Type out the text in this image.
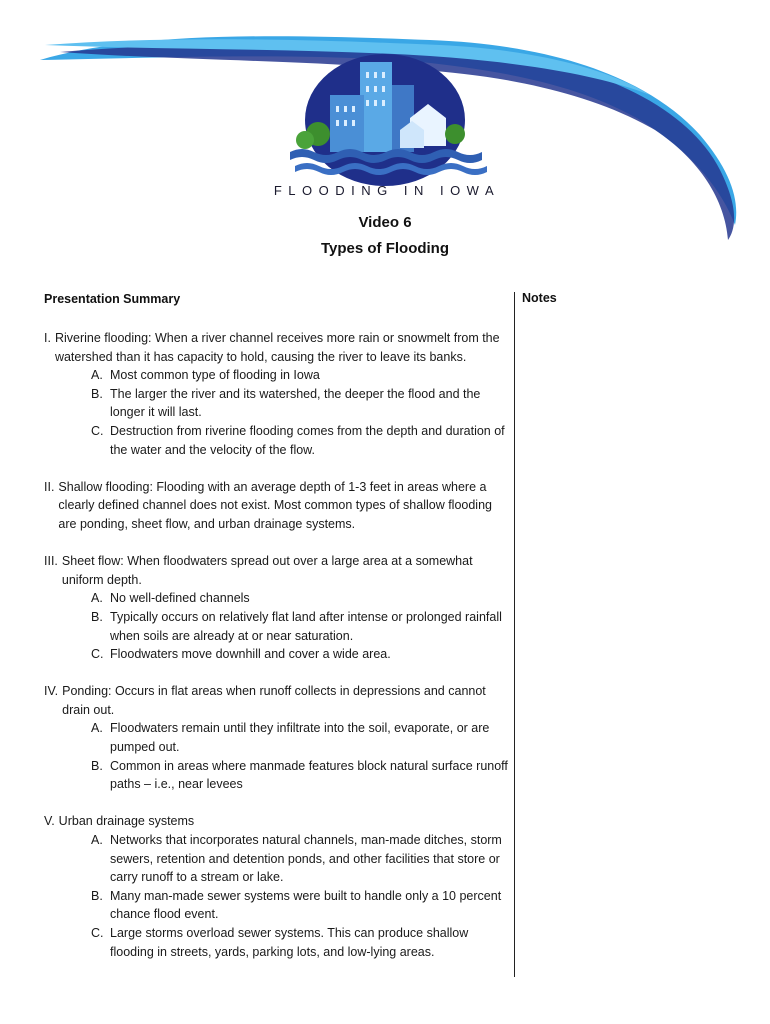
FLOODING IN IOWA
Video 6
Types of Flooding
Presentation Summary	Notes
I. Riverine flooding: When a river channel receives more rain or snowmelt from the watershed than it has capacity to hold, causing the river to leave its banks.
A. Most common type of flooding in Iowa
B. The larger the river and its watershed, the deeper the flood and the longer it will last.
C. Destruction from riverine flooding comes from the depth and duration of the water and the velocity of the flow.
II. Shallow flooding: Flooding with an average depth of 1-3 feet in areas where a clearly defined channel does not exist. Most common types of shallow flooding are ponding, sheet flow, and urban drainage systems.
III. Sheet flow: When floodwaters spread out over a large area at a somewhat uniform depth.
A. No well-defined channels
B. Typically occurs on relatively flat land after intense or prolonged rainfall when soils are already at or near saturation.
C. Floodwaters move downhill and cover a wide area.
IV. Ponding: Occurs in flat areas when runoff collects in depressions and cannot drain out.
A. Floodwaters remain until they infiltrate into the soil, evaporate, or are pumped out.
B. Common in areas where manmade features block natural surface runoff paths – i.e., near levees
V. Urban drainage systems
A. Networks that incorporates natural channels, man-made ditches, storm sewers, retention and detention ponds, and other facilities that store or carry runoff to a stream or lake.
B. Many man-made sewer systems were built to handle only a 10 percent chance flood event.
C. Large storms overload sewer systems. This can produce shallow flooding in streets, yards, parking lots, and low-lying areas.
